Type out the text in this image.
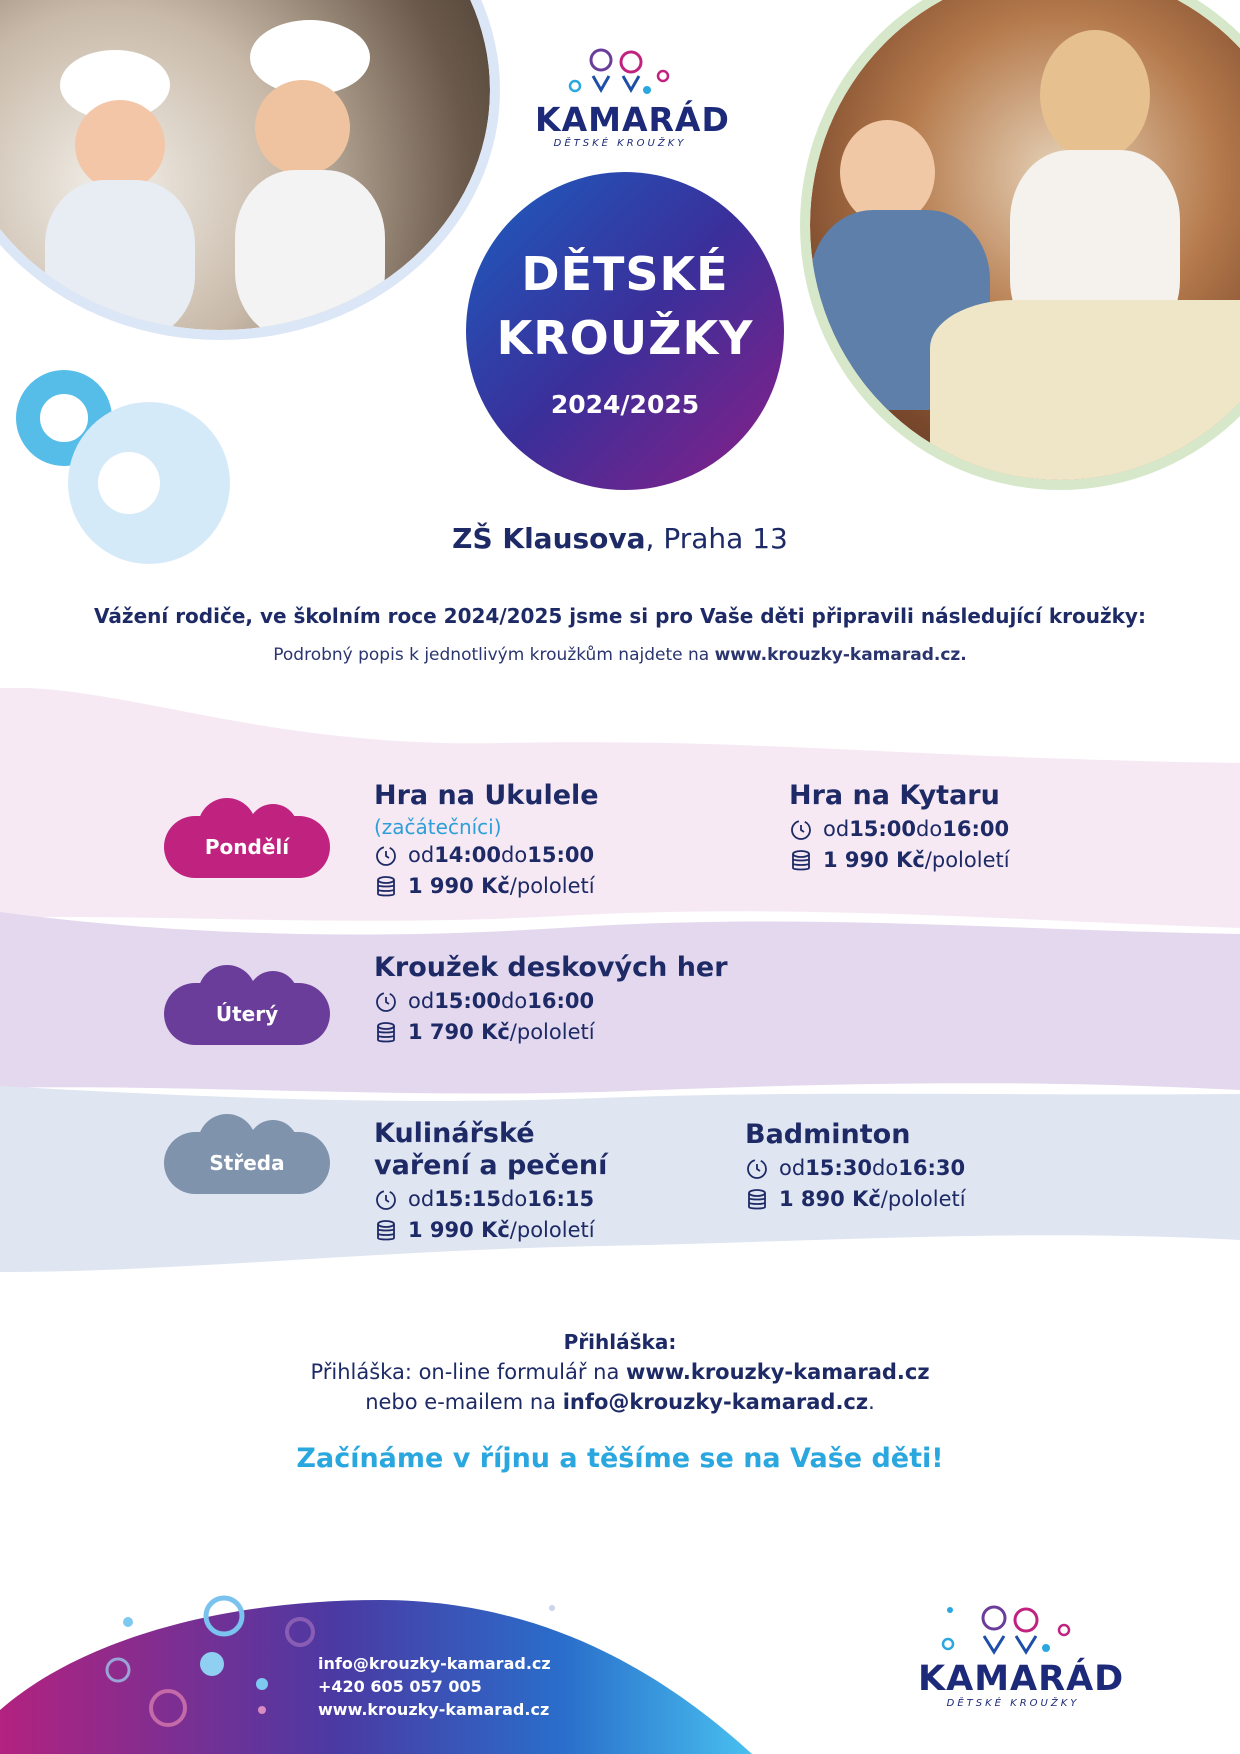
KAMARÁD
DĚTSKÉ KROUŽKY
DĚTSKÉ
KROUŽKY
2024/2025
ZŠ Klausova, Praha 13
Vážení rodiče, ve školním roce 2024/2025 jsme si pro Vaše děti připravili následující kroužky:
Podrobný popis k jednotlivým kroužkům najdete na www.krouzky-kamarad.cz.
Pondělí
Úterý
Středa
Hra na Ukulele
(začátečníci)
od 14:00 do 15:00
1 990 Kč /pololetí
Hra na Kytaru
od 15:00 do 16:00
1 990 Kč /pololetí
Kroužek deskových her
od 15:00 do 16:00
1 790 Kč /pololetí
Kulinářské
vaření a pečení
od 15:15 do 16:15
1 990 Kč /pololetí
Badminton
od 15:30 do 16:30
1 890 Kč /pololetí
Přihláška:
Přihláška: on-line formulář na www.krouzky-kamarad.cz
nebo e-mailem na info@krouzky-kamarad.cz.
Začínáme v říjnu a těšíme se na Vaše děti!
info@krouzky-kamarad.cz
+420 605 057 005
www.krouzky-kamarad.cz
KAMARÁD
DĚTSKÉ KROUŽKY
